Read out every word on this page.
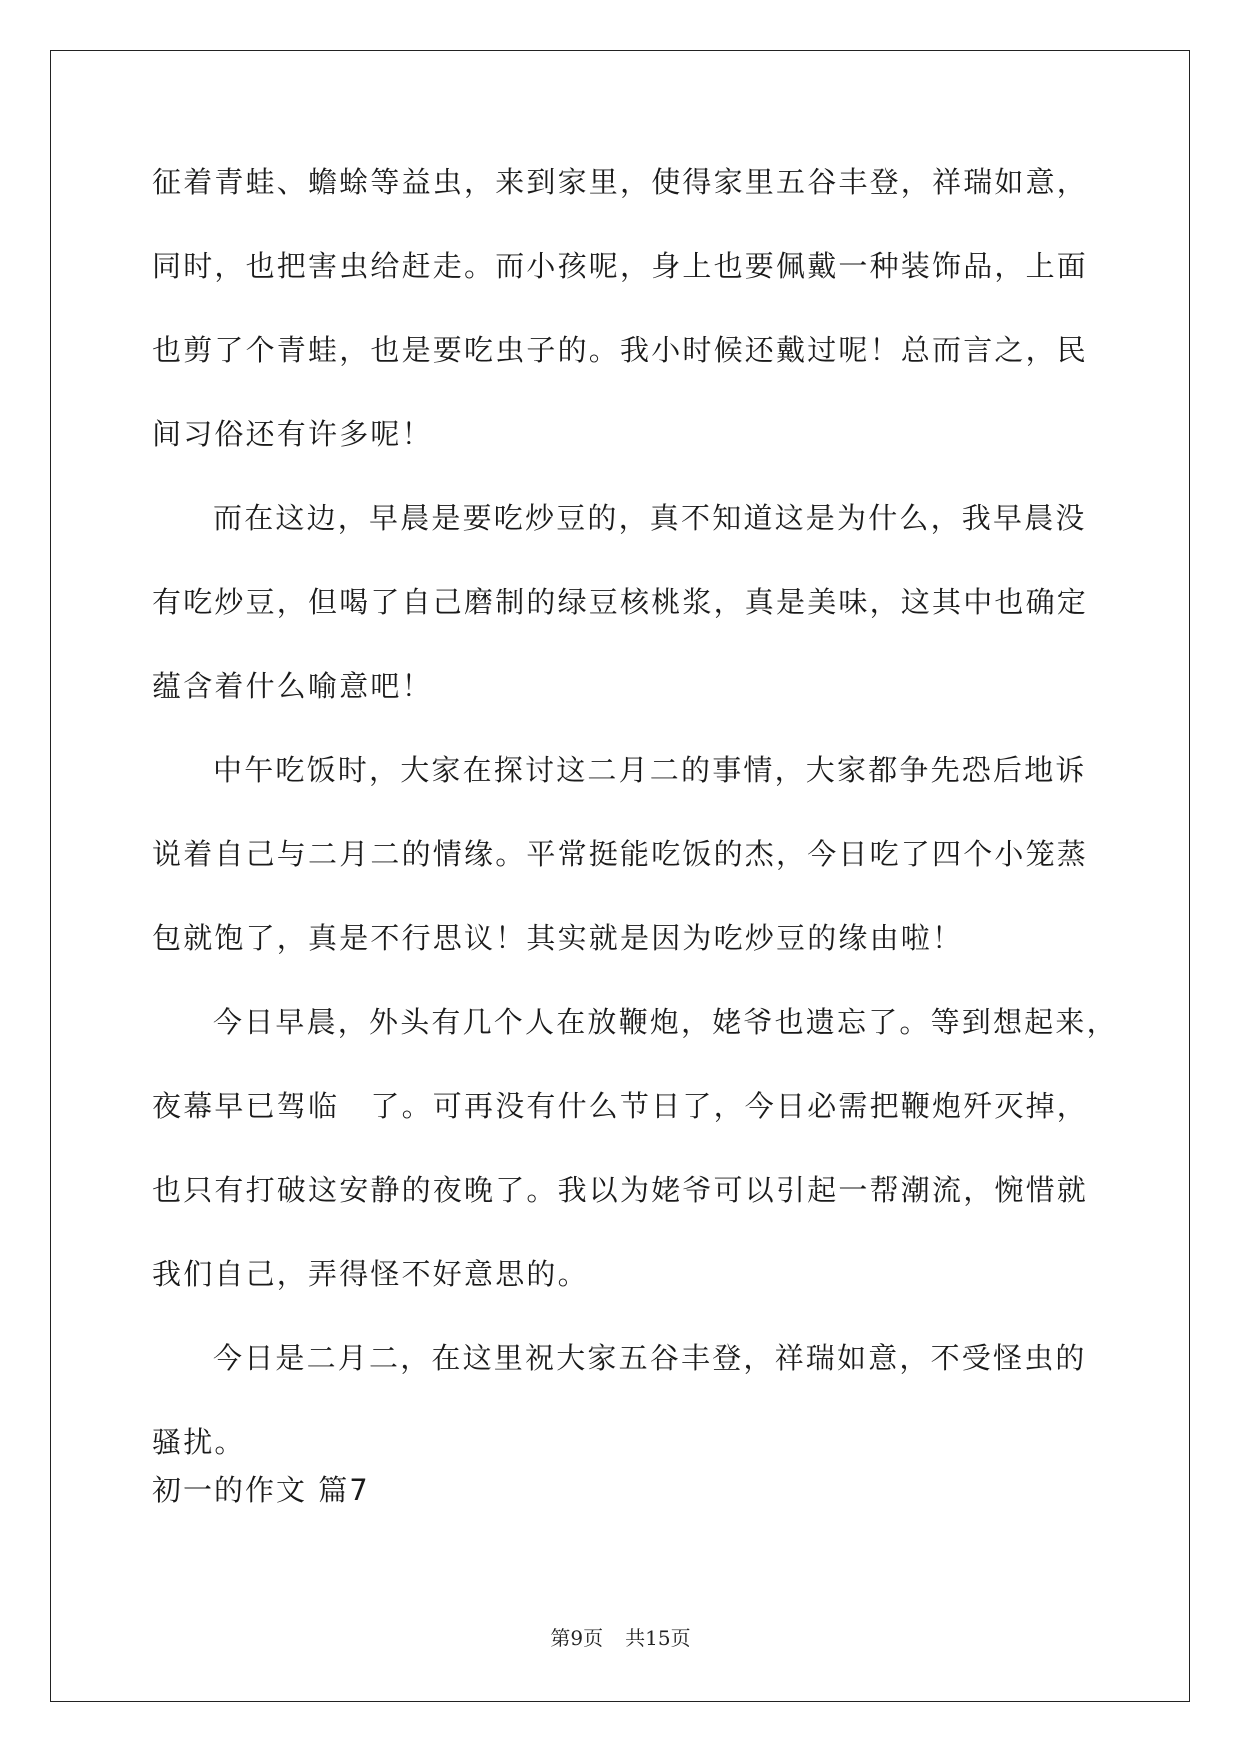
征着青蛙、蟾蜍等益虫，来到家里，使得家里五谷丰登，祥瑞如意，
同时，也把害虫给赶走。而小孩呢，身上也要佩戴一种装饰品，上面
也剪了个青蛙，也是要吃虫子的。我小时候还戴过呢！总而言之，民
间习俗还有许多呢！
而在这边，早晨是要吃炒豆的，真不知道这是为什么，我早晨没
有吃炒豆，但喝了自己磨制的绿豆核桃浆，真是美味，这其中也确定
蕴含着什么喻意吧！
中午吃饭时，大家在探讨这二月二的事情，大家都争先恐后地诉
说着自己与二月二的情缘。平常挺能吃饭的杰，今日吃了四个小笼蒸
包就饱了，真是不行思议！其实就是因为吃炒豆的缘由啦！
今日早晨，外头有几个人在放鞭炮，姥爷也遗忘了。等到想起来，
夜幕早已驾临　了。可再没有什么节日了，今日必需把鞭炮歼灭掉，
也只有打破这安静的夜晚了。我以为姥爷可以引起一帮潮流，惋惜就
我们自己，弄得怪不好意思的。
今日是二月二，在这里祝大家五谷丰登，祥瑞如意，不受怪虫的
骚扰。
初一的作文 篇7
第9页 共15页
